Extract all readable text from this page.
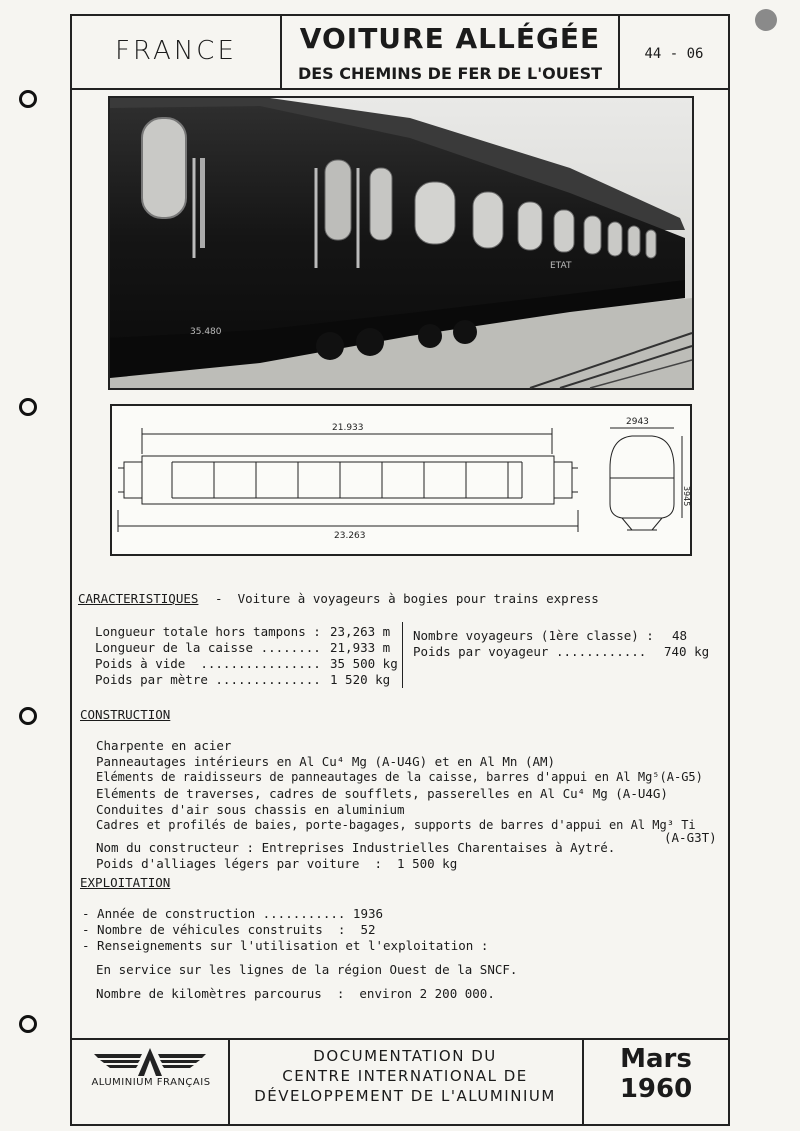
FRANCE	VOITURE ALLÉGÉE
DES CHEMINS DE FER DE L'OUEST
44 - 06
35.480
ETAT
21.933
23.263
2943
3945
CARACTERISTIQUES -  Voiture à voyageurs à bogies pour trains express
Longueur totale hors tampons : 23,263 m
Longueur de la caisse ........ 21,933 m
Poids à vide  ................ 35 500 kg
Poids par mètre .............. 1 520 kg
Nombre voyageurs (1ère classe) : 48
Poids par voyageur ............ 740 kg
CONSTRUCTION
Charpente en acier
Panneautages intérieurs en Al Cu⁴ Mg (A-U4G) et en Al Mn (AM)
Eléments de raidisseurs de panneautages de la caisse, barres d'appui en Al Mg⁵(A-G5)
Eléments de traverses, cadres de soufflets, passerelles en Al Cu⁴ Mg (A-U4G)
Conduites d'air sous chassis en aluminium
Cadres et profilés de baies, porte-bagages, supports de barres d'appui en Al Mg³ Ti
(A-G3T)
Nom du constructeur : Entreprises Industrielles Charentaises à Aytré.
Poids d'alliages légers par voiture  :  1 500 kg
EXPLOITATION
- Année de construction ........... 1936
- Nombre de véhicules construits  :  52
- Renseignements sur l'utilisation et l'exploitation :
En service sur les lignes de la région Ouest de la SNCF.
Nombre de kilomètres parcourus  :  environ 2 200 000.
ALUMINIUM FRANÇAIS
DOCUMENTATION DU
CENTRE INTERNATIONAL DE
DÉVELOPPEMENT DE L'ALUMINIUM
Mars 1960
